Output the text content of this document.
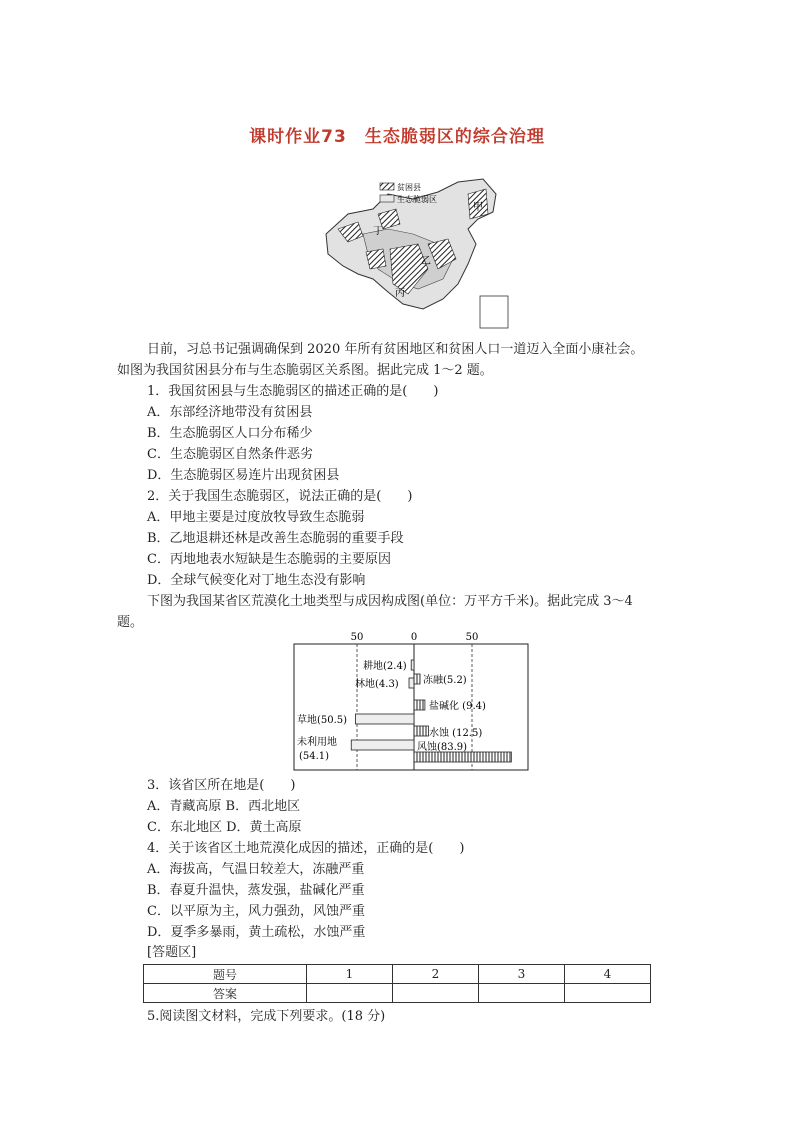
课时作业73　生态脆弱区的综合治理
贫困县
生态脆弱区
甲
丁
丙
乙
日前，习总书记强调确保到 2020 年所有贫困地区和贫困人口一道迈入全面小康社会。
如图为我国贫困县分布与生态脆弱区关系图。据此完成 1～2 题。
1．我国贫困县与生态脆弱区的描述正确的是(　　)
A．东部经济地带没有贫困县
B．生态脆弱区人口分布稀少
C．生态脆弱区自然条件恶劣
D．生态脆弱区易连片出现贫困县
2．关于我国生态脆弱区，说法正确的是(　　)
A．甲地主要是过度放牧导致生态脆弱
B．乙地退耕还林是改善生态脆弱的重要手段
C．丙地地表水短缺是生态脆弱的主要原因
D．全球气候变化对丁地生态没有影响
下图为我国某省区荒漠化土地类型与成因构成图(单位：万平方千米)。据此完成 3～4
题。
50	0	50
耕地(2.4)
林地(4.3)
草地(50.5)
未利用地
(54.1)
冻融(5.2)
盐碱化 (9.4)
水蚀 (12.5)
风蚀(83.9)
3．该省区所在地是(　　)
A．青藏高原 B．西北地区
C．东北地区 D．黄土高原
4．关于该省区土地荒漠化成因的描述，正确的是(　　)
A．海拔高，气温日较差大，冻融严重
B．春夏升温快，蒸发强，盐碱化严重
C．以平原为主，风力强劲，风蚀严重
D．夏季多暴雨，黄土疏松，水蚀严重
[答题区]
题号	1	2	3	4
答案				
5.阅读图文材料，完成下列要求。(18 分)
